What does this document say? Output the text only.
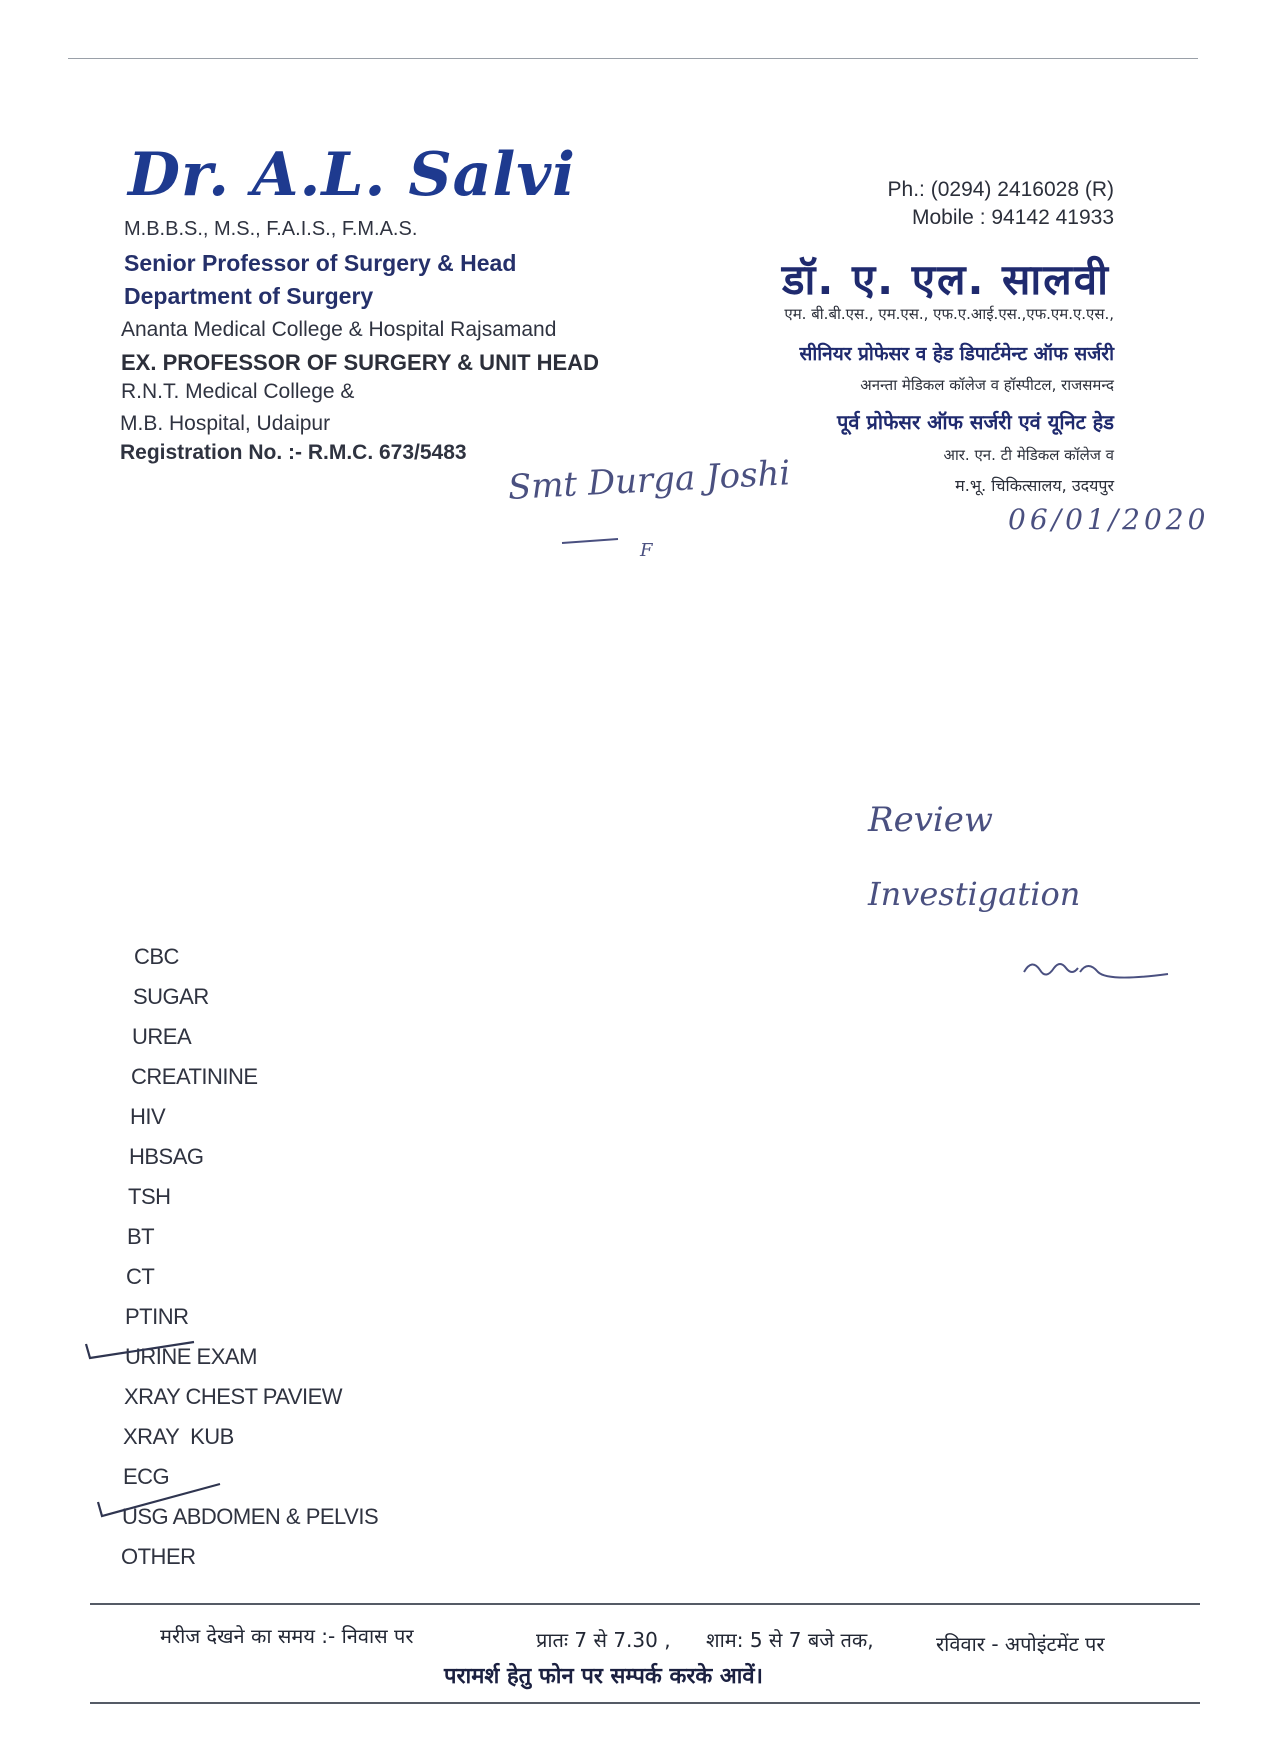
Dr. A.L. Salvi
M.B.B.S., M.S., F.A.I.S., F.M.A.S.
Senior Professor of Surgery & Head
Department of Surgery
Ananta Medical College & Hospital Rajsamand
EX. PROFESSOR OF SURGERY & UNIT HEAD
R.N.T. Medical College &
M.B. Hospital, Udaipur
Registration No. :- R.M.C. 673/5483
Ph.: (0294) 2416028 (R)
Mobile : 94142 41933
डॉ. ए. एल. सालवी
एम. बी.बी.एस., एम.एस., एफ.ए.आई.एस.,एफ.एम.ए.एस.,
सीनियर प्रोफेसर व हेड डिपार्टमेन्ट ऑफ सर्जरी
अनन्ता मेडिकल कॉलेज व हॉस्पीटल, राजसमन्द
पूर्व प्रोफेसर ऑफ सर्जरी एवं यूनिट हेड
आर. एन. टी मेडिकल कॉलेज व
म.भू. चिकित्सालय, उदयपुर
Smt Durga Joshi
F
06/01/2020
Review
Investigation
CBC
SUGAR
UREA
CREATININE
HIV
HBSAG
TSH
BT
CT
PTINR
URINE EXAM
XRAY CHEST PAVIEW
XRAY  KUB
ECG
USG ABDOMEN & PELVIS
OTHER
मरीज देखने का समय :- निवास पर	प्रातः 7 से 7.30 , शाम: 5 से 7 बजे तक,	रविवार - अपोइंटमेंट पर
परामर्श हेतु फोन पर सम्पर्क करके आवें।
